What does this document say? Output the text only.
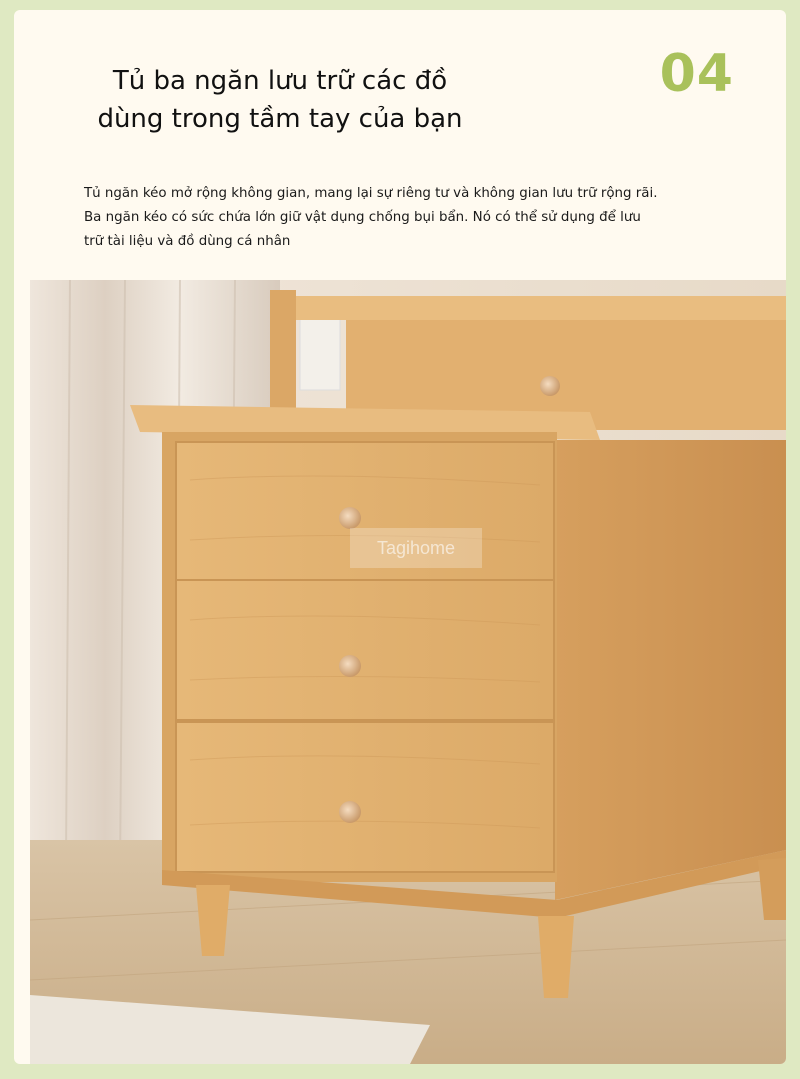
Tủ ba ngăn lưu trữ các đồ
dùng trong tầm tay của bạn
04
Tủ ngăn kéo mở rộng không gian, mang lại sự riêng tư và không gian lưu trữ rộng rãi. Ba ngăn kéo có sức chứa lớn giữ vật dụng chống bụi bẩn. Nó có thể sử dụng để lưu trữ tài liệu và đồ dùng cá nhân
Tagihome
